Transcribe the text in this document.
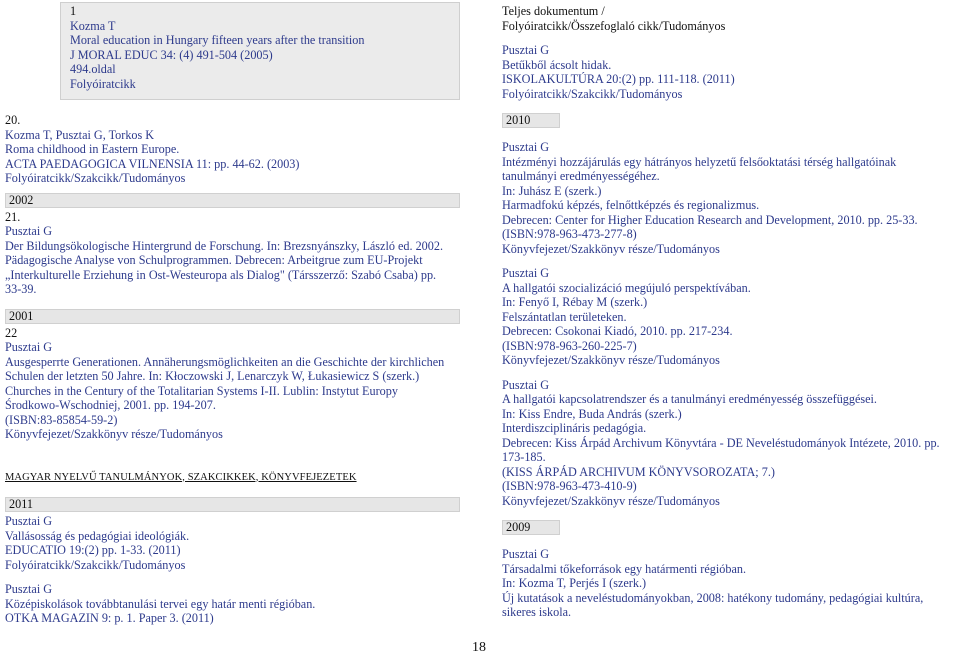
1
Kozma T
Moral education in Hungary fifteen years after the transition
J MORAL EDUC 34: (4) 491-504 (2005)
494.oldal
Folyóiratcikk
20.
Kozma T, Pusztai G, Torkos K
Roma childhood in Eastern Europe.
ACTA PAEDAGOGICA VILNENSIA 11: pp. 44-62. (2003)
Folyóiratcikk/Szakcikk/Tudományos
2002
21.
Pusztai G
Der Bildungsökologische Hintergrund de Forschung. In: Brezsnyánszky, László ed. 2002.
Pädagogische Analyse von Schulprogrammen. Debrecen: Arbeitgrue zum EU-Projekt
„Interkulturelle Erziehung in Ost-Westeuropa als Dialog" (Társszerző: Szabó Csaba) pp.
33-39.
2001
22
Pusztai G
Ausgesperrte Generationen. Annäherungsmöglichkeiten an die Geschichte der kirchlichen
Schulen der letzten 50 Jahre. In: Kłoczowski J, Lenarczyk W, Łukasiewicz S (szerk.)
Churches in the Century of the Totalitarian Systems I-II. Lublin: Instytut Europy
Środkowo-Wschodniej, 2001. pp. 194-207.
(ISBN:83-85854-59-2)
Könyvfejezet/Szakkönyv része/Tudományos
MAGYAR NYELVŰ TANULMÁNYOK, SZAKCIKKEK, KÖNYVFEJEZETEK
2011
Pusztai G
Vallásosság és pedagógiai ideológiák.
EDUCATIO 19:(2) pp. 1-33. (2011)
Folyóiratcikk/Szakcikk/Tudományos
Pusztai G
Középiskolások továbbtanulási tervei egy határ menti régióban.
OTKA MAGAZIN 9: p. 1. Paper 3. (2011)
Teljes dokumentum /
Folyóiratcikk/Összefoglaló cikk/Tudományos
Pusztai G
Betűkből ácsolt hidak.
ISKOLAKULTÚRA 20:(2) pp. 111-118. (2011)
Folyóiratcikk/Szakcikk/Tudományos
2010
Pusztai G
Intézményi hozzájárulás egy hátrányos helyzetű felsőoktatási térség hallgatóinak
tanulmányi eredményességéhez.
In: Juhász E (szerk.)
Harmadfokú képzés, felnőttképzés és regionalizmus.
Debrecen: Center for Higher Education Research and Development, 2010. pp. 25-33.
(ISBN:978-963-473-277-8)
Könyvfejezet/Szakkönyv része/Tudományos
Pusztai G
A hallgatói szocializáció megújuló perspektívában.
In: Fenyő I, Rébay M (szerk.)
Felszántatlan területeken.
Debrecen: Csokonai Kiadó, 2010. pp. 217-234.
(ISBN:978-963-260-225-7)
Könyvfejezet/Szakkönyv része/Tudományos
Pusztai G
A hallgatói kapcsolatrendszer és a tanulmányi eredményesség összefüggései.
In: Kiss Endre, Buda András (szerk.)
Interdiszciplináris pedagógia.
Debrecen: Kiss Árpád Archivum Könyvtára - DE Neveléstudományok Intézete, 2010. pp.
173-185.
(KISS ÁRPÁD ARCHIVUM KÖNYVSOROZATA; 7.)
(ISBN:978-963-473-410-9)
Könyvfejezet/Szakkönyv része/Tudományos
2009
Pusztai G
Társadalmi tőkeforrások egy határmenti régióban.
In: Kozma T, Perjés I (szerk.)
Új kutatások a neveléstudományokban, 2008: hatékony tudomány, pedagógiai kultúra,
sikeres iskola.
18
